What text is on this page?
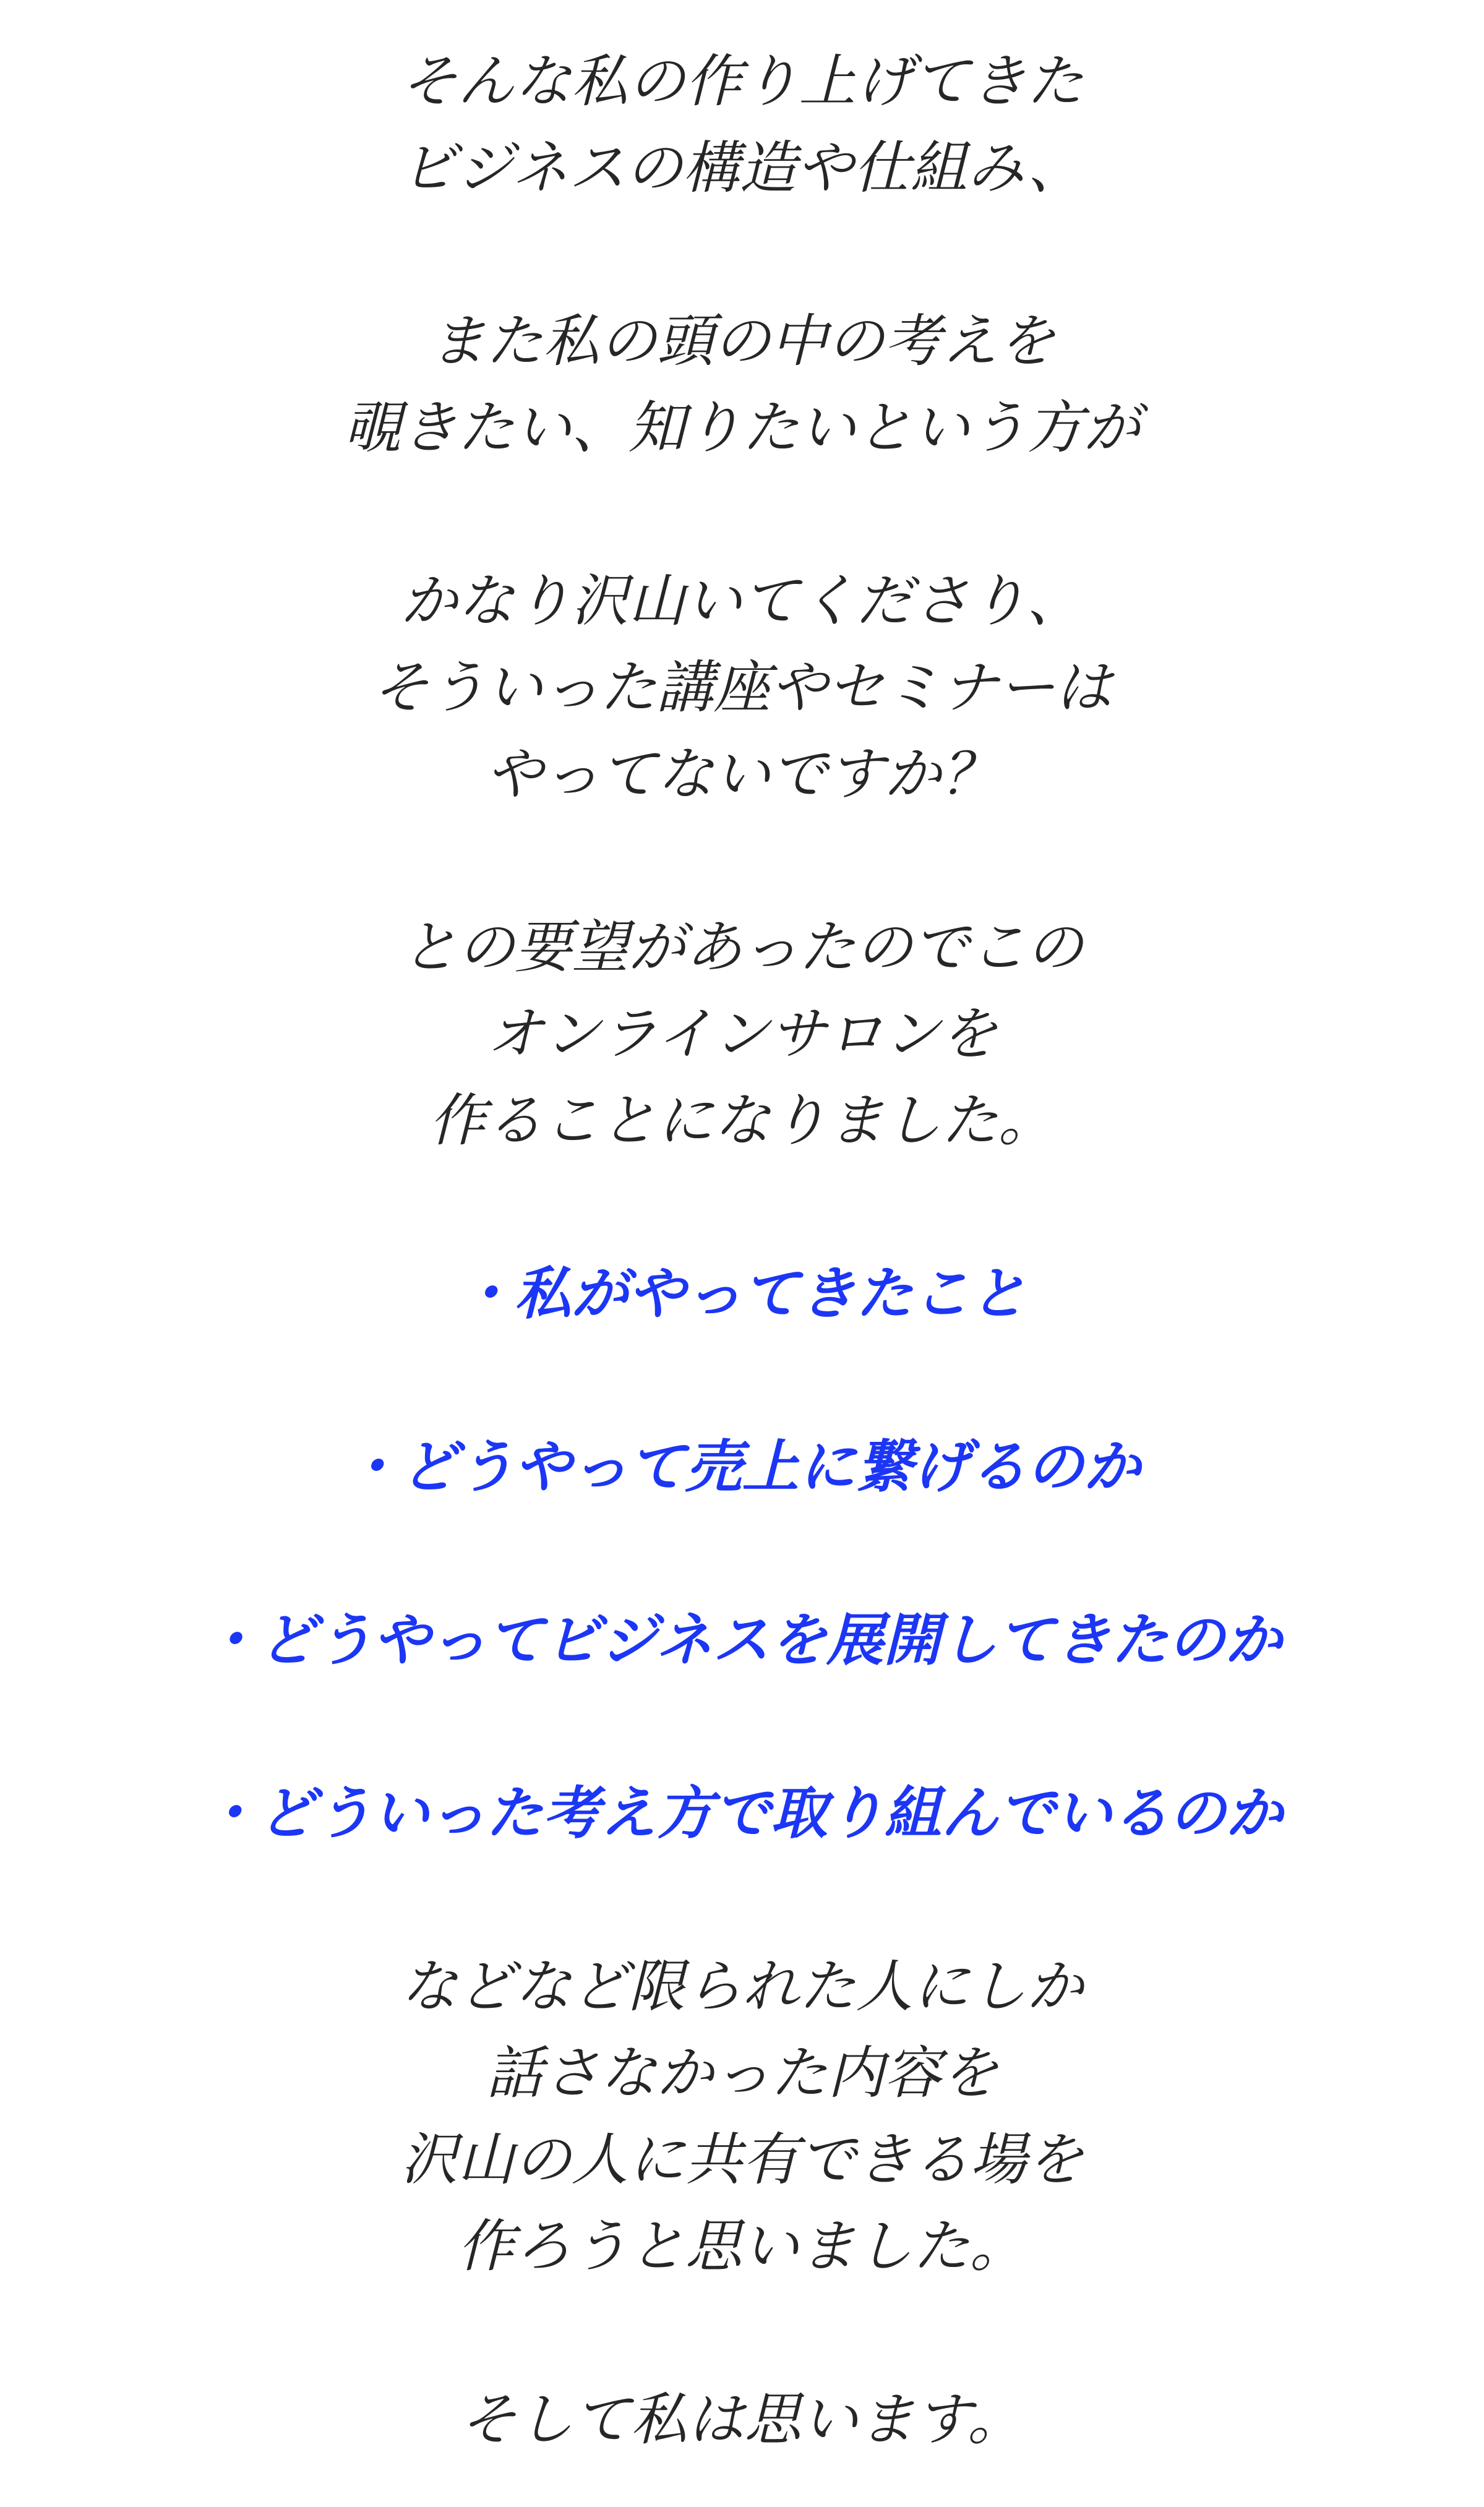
そんな私の作り上げてきた
ビジネスの構造や仕組み、
また私の頭の中の考えを
覗きたい、知りたいという方が
かなり沢山いてくださり、
そういった講座やセミナーは
やってないですか？
との要望があったのでこの
オンラインサロンを
作ることになりました。
・私がやってきたこと
・どうやって売上に繋げるのか
・どうやってビジネスを展開してきたのか
・どういった考え方で取り組んでいるのか
などなど限られた人にしか
話さなかった内容を
沢山の人に共有できる場を
作ろうと思いました。
そして私は思います。
